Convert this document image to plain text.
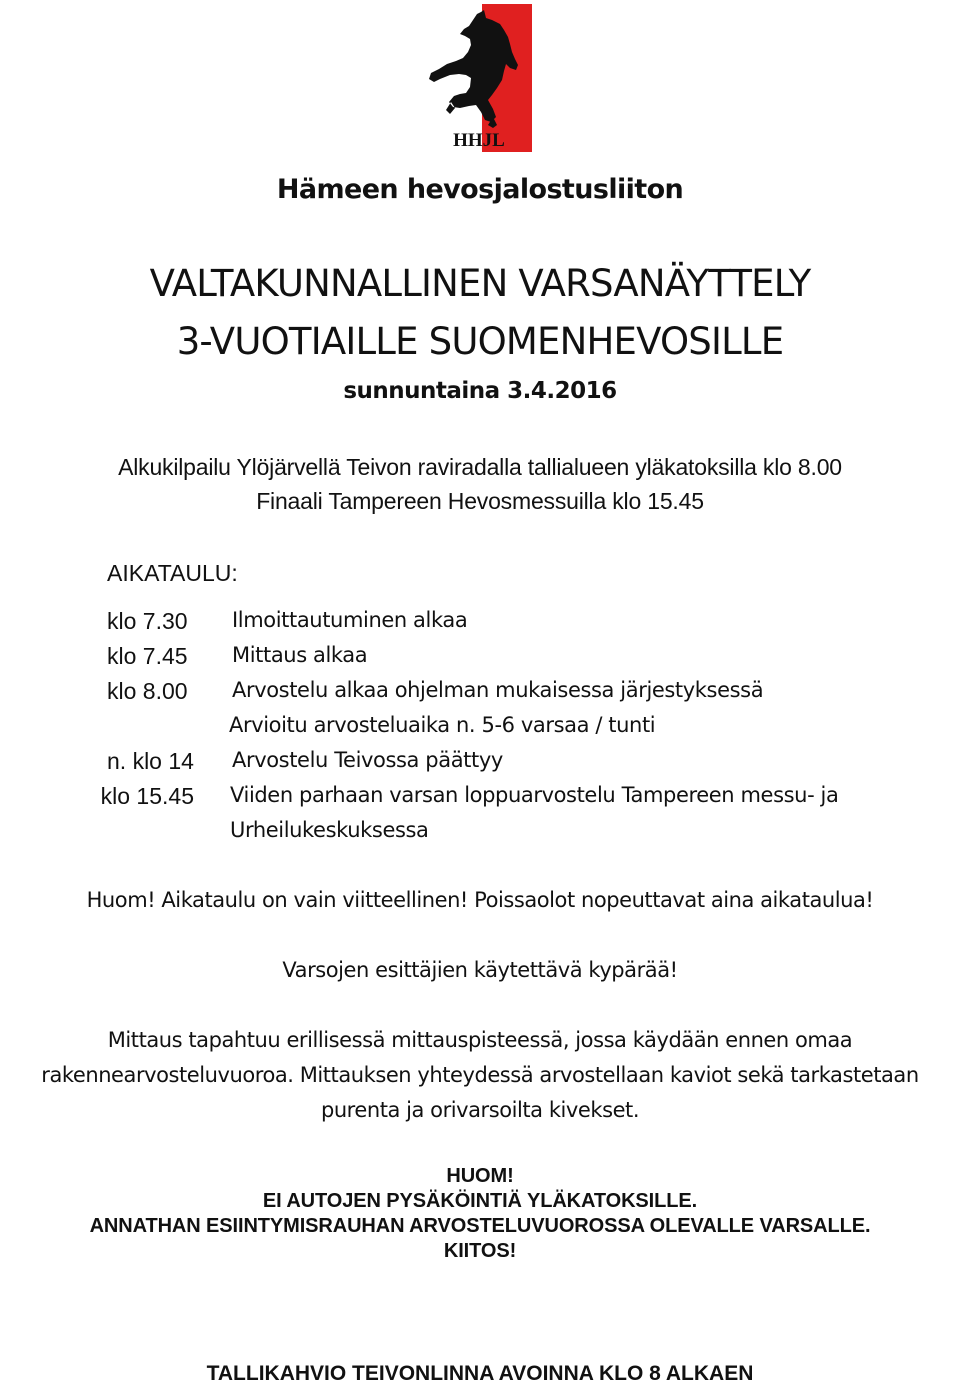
HHJL
Hämeen hevosjalostusliiton
VALTAKUNNALLINEN VARSANÄYTTELY
3-VUOTIAILLE SUOMENHEVOSILLE
sunnuntaina 3.4.2016
Alkukilpailu Ylöjärvellä Teivon raviradalla tallialueen yläkatoksilla klo 8.00
Finaali Tampereen Hevosmessuilla klo 15.45
AIKATAULU:
klo 7.30 Ilmoittautuminen alkaa
klo 7.45 Mittaus alkaa
klo 8.00 Arvostelu alkaa ohjelman mukaisessa järjestyksessä
Arvioitu arvosteluaika n. 5-6 varsaa / tunti
n. klo 14 Arvostelu Teivossa päättyy
klo 15.45 Viiden parhaan varsan loppuarvostelu Tampereen messu- ja
Urheilukeskuksessa
Huom! Aikataulu on vain viitteellinen! Poissaolot nopeuttavat aina aikataulua!
Varsojen esittäjien käytettävä kypärää!
Mittaus tapahtuu erillisessä mittauspisteessä, jossa käydään ennen omaa
rakennearvosteluvuoroa. Mittauksen yhteydessä arvostellaan kaviot sekä tarkastetaan
purenta ja orivarsoilta kivekset.
HUOM!
EI AUTOJEN PYSÄKÖINTIÄ YLÄKATOKSILLE.
ANNATHAN ESIINTYMISRAUHAN ARVOSTELUVUOROSSA OLEVALLE VARSALLE.
KIITOS!
TALLIKAHVIO TEIVONLINNA AVOINNA KLO 8 ALKAEN
